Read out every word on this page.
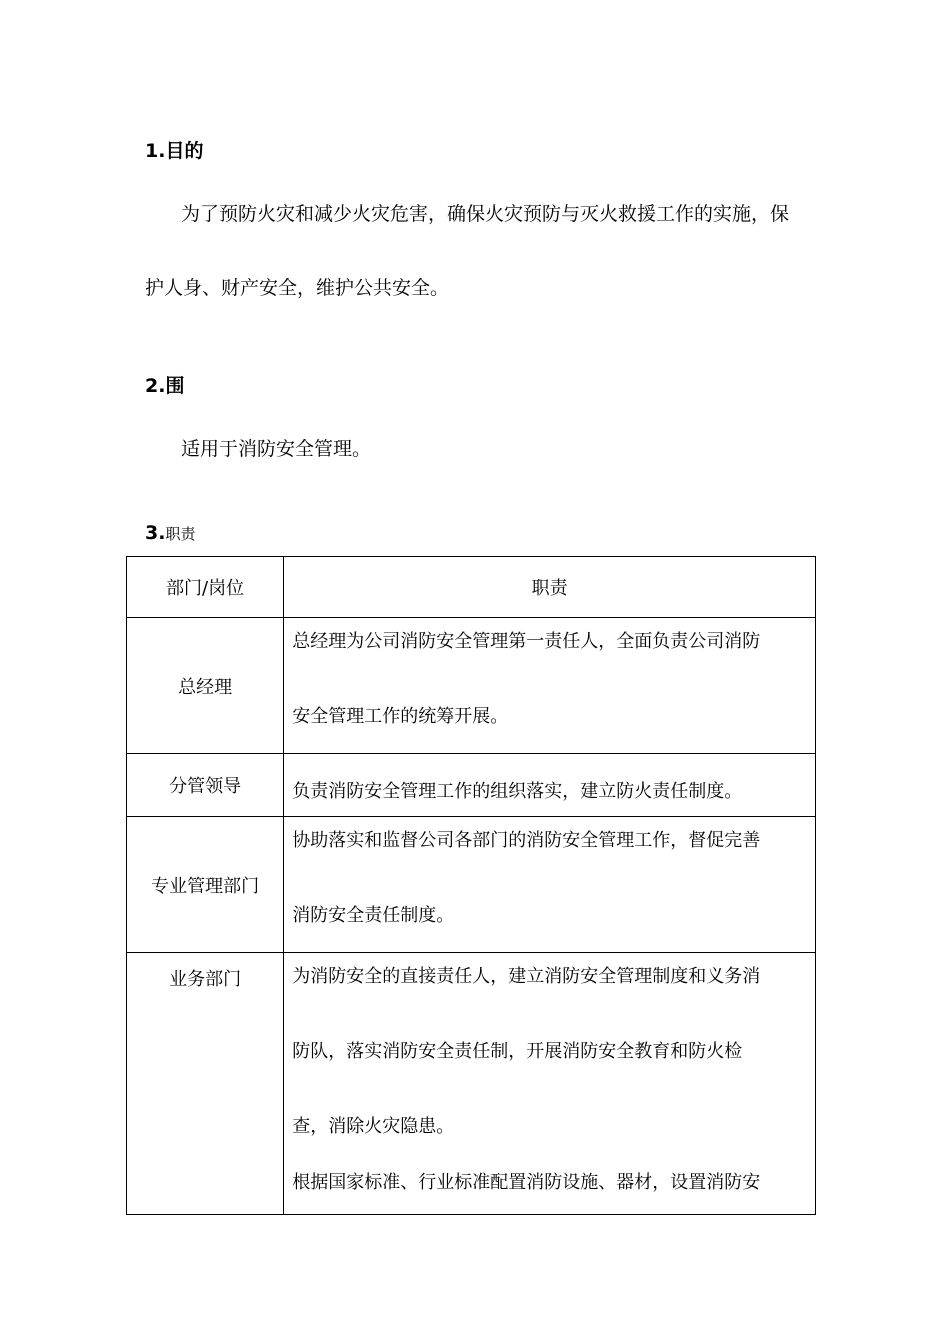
1.目的
为了预防火灾和减少火灾危害，确保火灾预防与灭火救援工作的实施，保
护人身、财产安全，维护公共安全。
2.围
适用于消防安全管理。
3.职责
部门/岗位	职责
总经理	总经理为公司消防安全管理第一责任人，全面负责公司消防
安全管理工作的统筹开展。

分管领导	负责消防安全管理工作的组织落实，建立防火责任制度。

专业管理部门	协助落实和监督公司各部门的消防安全管理工作，督促完善
消防安全责任制度。

业务部门	为消防安全的直接责任人，建立消防安全管理制度和义务消
防队，落实消防安全责任制，开展消防安全教育和防火检
查，消除火灾隐患。
根据国家标准、行业标准配置消防设施、器材，设置消防安
